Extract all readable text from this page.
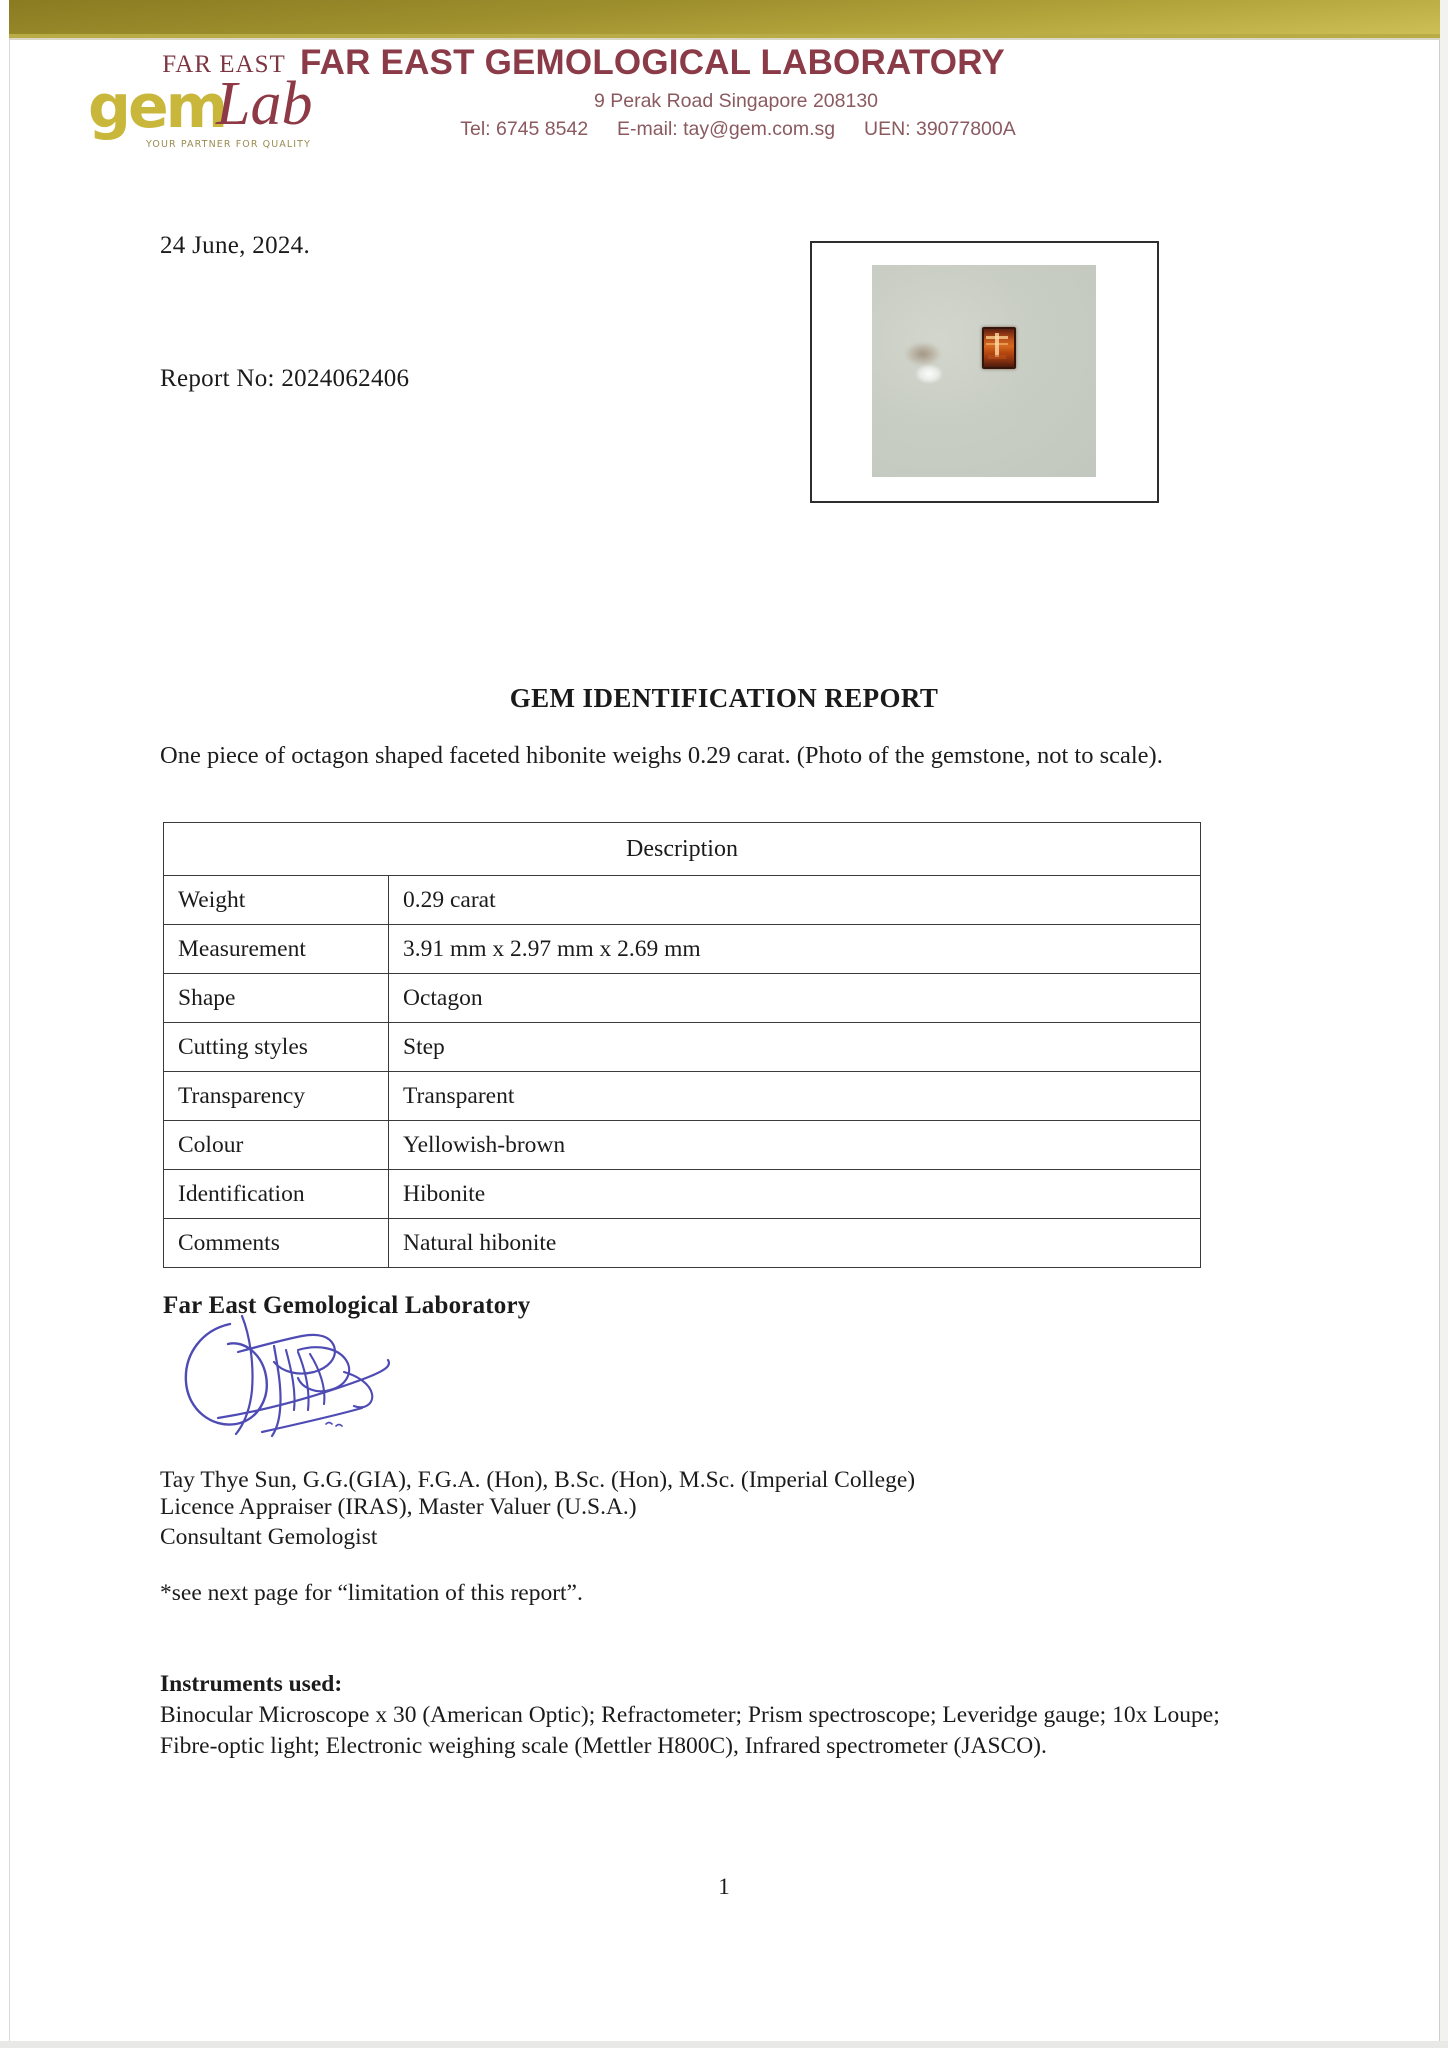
FAR EAST
gem
Lab
YOUR PARTNER FOR QUALITY
FAR EAST GEMOLOGICAL LABORATORY
9 Perak Road Singapore 208130
Tel: 6745 8542 E-mail: tay@gem.com.sg UEN: 39077800A
24 June, 2024.
Report No: 2024062406
GEM IDENTIFICATION REPORT
One piece of octagon shaped faceted hibonite weighs 0.29 carat. (Photo of the gemstone, not to scale).
Description	
Weight	0.29 carat
Measurement	3.91 mm x 2.97 mm x 2.69 mm
Shape	Octagon
Cutting styles	Step
Transparency	Transparent
Colour	Yellowish-brown
Identification	Hibonite
Comments	Natural hibonite
Far East Gemological Laboratory

Tay Thye Sun, G.G.(GIA), F.G.A. (Hon), B.Sc. (Hon), M.Sc. (Imperial College)
Licence Appraiser (IRAS), Master Valuer (U.S.A.)
Consultant Gemologist
*see next page for “limitation of this report”.
Instruments used:
Binocular Microscope x 30 (American Optic); Refractometer; Prism spectroscope; Leveridge gauge; 10x Loupe; Fibre-optic light; Electronic weighing scale (Mettler H800C), Infrared spectrometer (JASCO).
1
